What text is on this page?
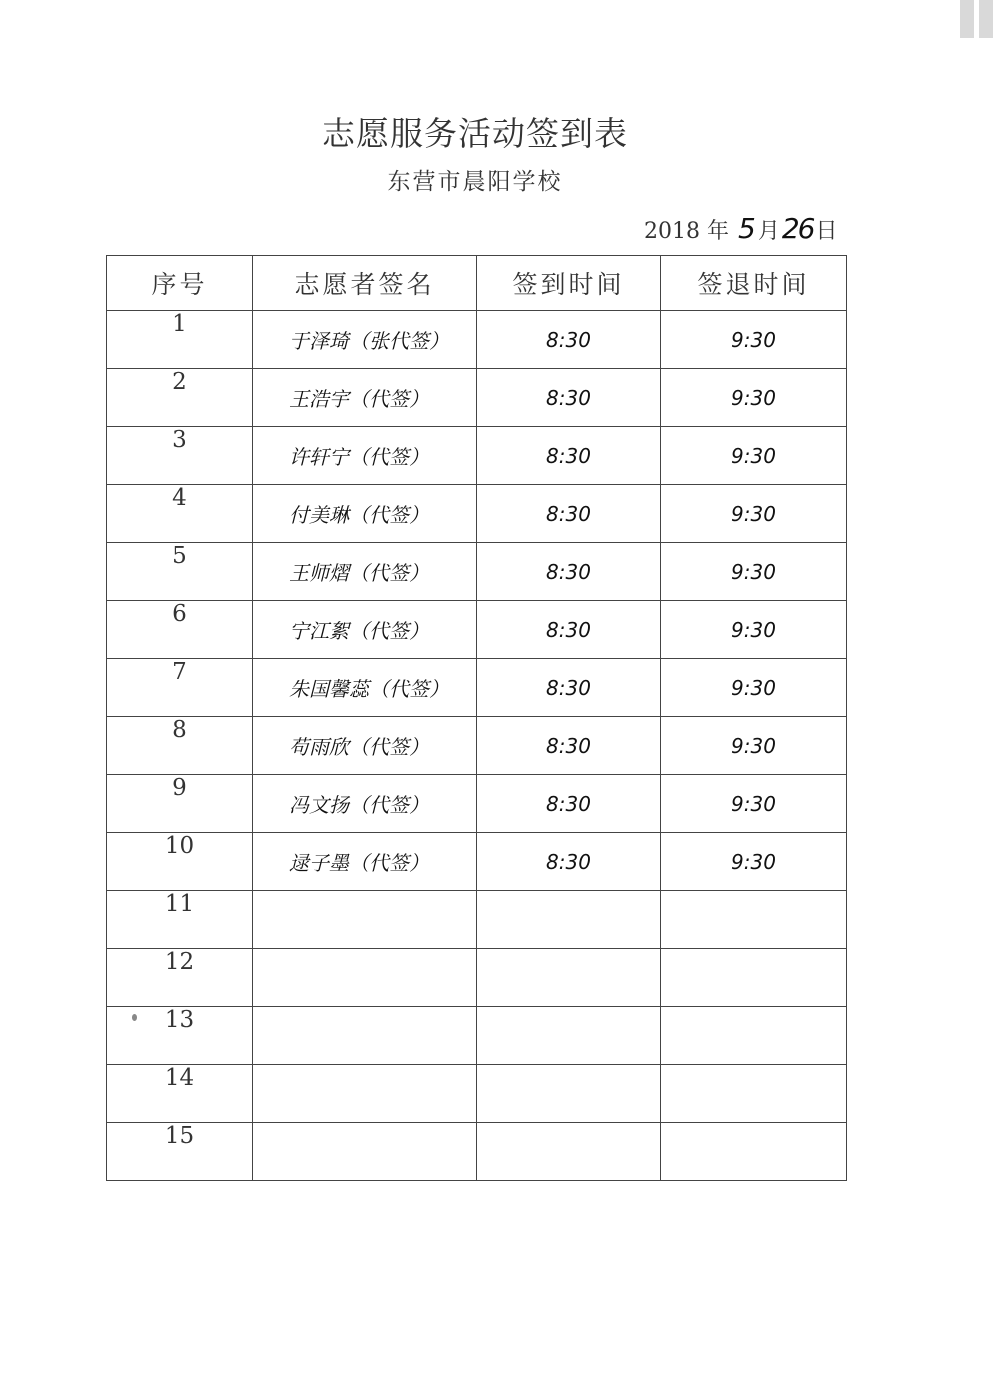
志愿服务活动签到表
东营市晨阳学校
2018 年 5月26日
序号	志愿者签名	签到时间	签退时间
1	于泽琦（张代签）	8:30	9:30
2	王浩宇（代签）	8:30	9:30
3	许轩宁（代签）	8:30	9:30
4	付美琳（代签）	8:30	9:30
5	王师熠（代签）	8:30	9:30
6	宁江絮（代签）	8:30	9:30
7	朱国馨蕊（代签）	8:30	9:30
8	苟雨欣（代签）	8:30	9:30
9	冯文扬（代签）	8:30	9:30
10	逯子墨（代签）	8:30	9:30
11			
12			
13			
14			
15			
